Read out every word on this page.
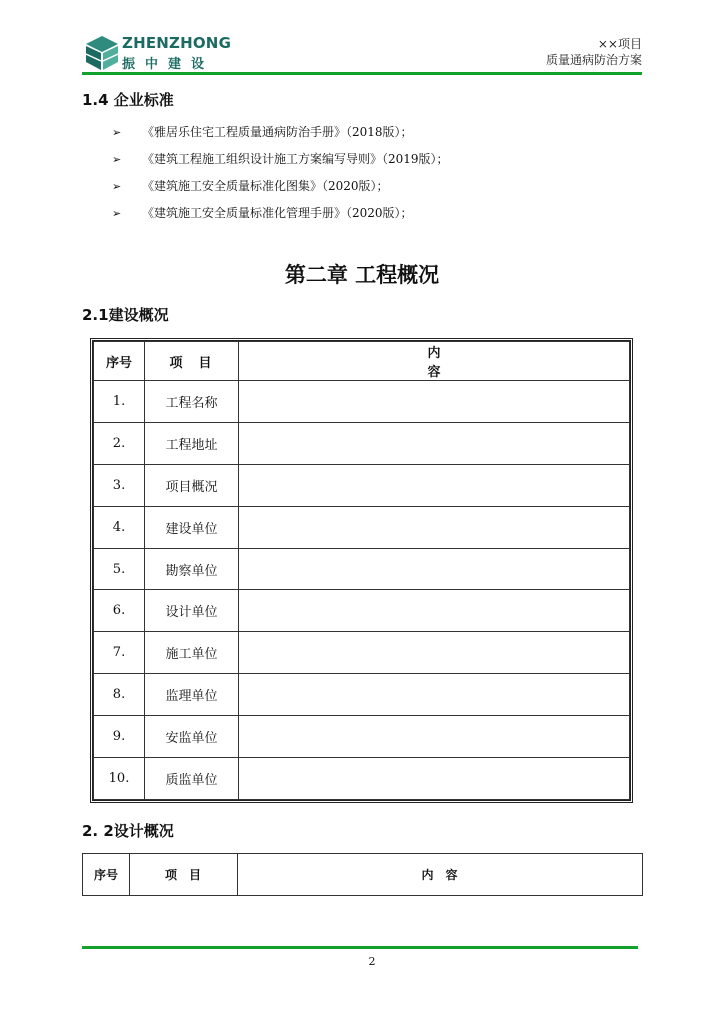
ZHENZHONG
振中建设
××项目
质量通病防治方案
1.4 企业标准
➢ 《雅居乐住宅工程质量通病防治手册》（2018版）；
➢ 《建筑工程施工组织设计施工方案编写导则》（2019版）；
➢ 《建筑施工安全质量标准化图集》（2020版）；
➢ 《建筑施工安全质量标准化管理手册》（2020版）；
第二章 工程概况
2.1建设概况
序号	项目	内容
1.	工程名称	
2.	工程地址	
3.	项目概况	
4.	建设单位	
5.	勘察单位	
6.	设计单位	
7.	施工单位	
8.	监理单位	
9.	安监单位	
10.	质监单位	
2. 2设计概况
序号	项目	内容
2
